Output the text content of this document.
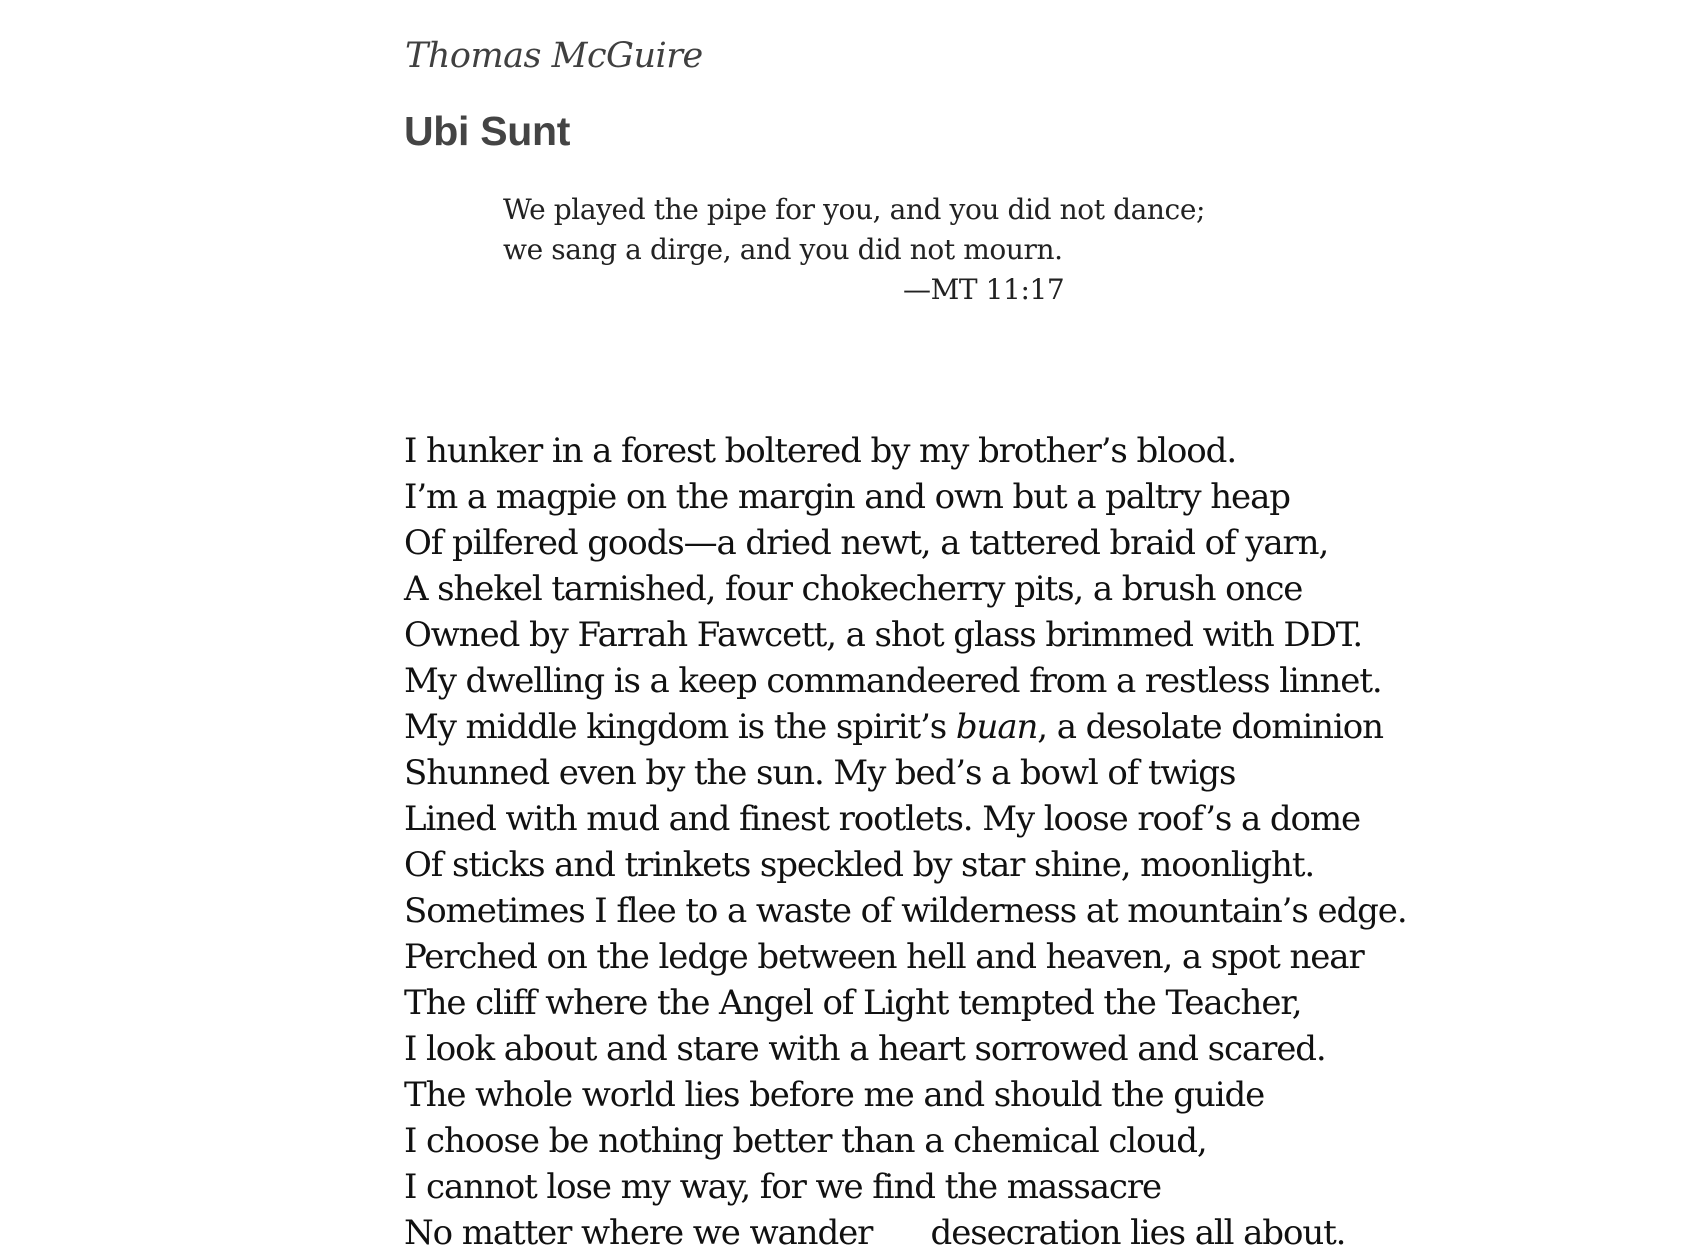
Thomas McGuire
Ubi Sunt
We played the pipe for you, and you did not dance;
we sang a dirge, and you did not mourn.
—MT 11:17
I hunker in a forest boltered by my brother’s blood.
I’m a magpie on the margin and own but a paltry heap
Of pilfered goods—a dried newt, a tattered braid of yarn,
A shekel tarnished, four chokecherry pits, a brush once
Owned by Farrah Fawcett, a shot glass brimmed with DDT.
My dwelling is a keep commandeered from a restless linnet.
My middle kingdom is the spirit’s buan, a desolate dominion
Shunned even by the sun. My bed’s a bowl of twigs
Lined with mud and finest rootlets. My loose roof’s a dome
Of sticks and trinkets speckled by star shine, moonlight.
Sometimes I flee to a waste of wilderness at mountain’s edge.
Perched on the ledge between hell and heaven, a spot near
The cliff where the Angel of Light tempted the Teacher,
I look about and stare with a heart sorrowed and scared.
The whole world lies before me and should the guide
I choose be nothing better than a chemical cloud,
I cannot lose my way, for we find the massacre
No matter where we wander      desecration lies all about.
